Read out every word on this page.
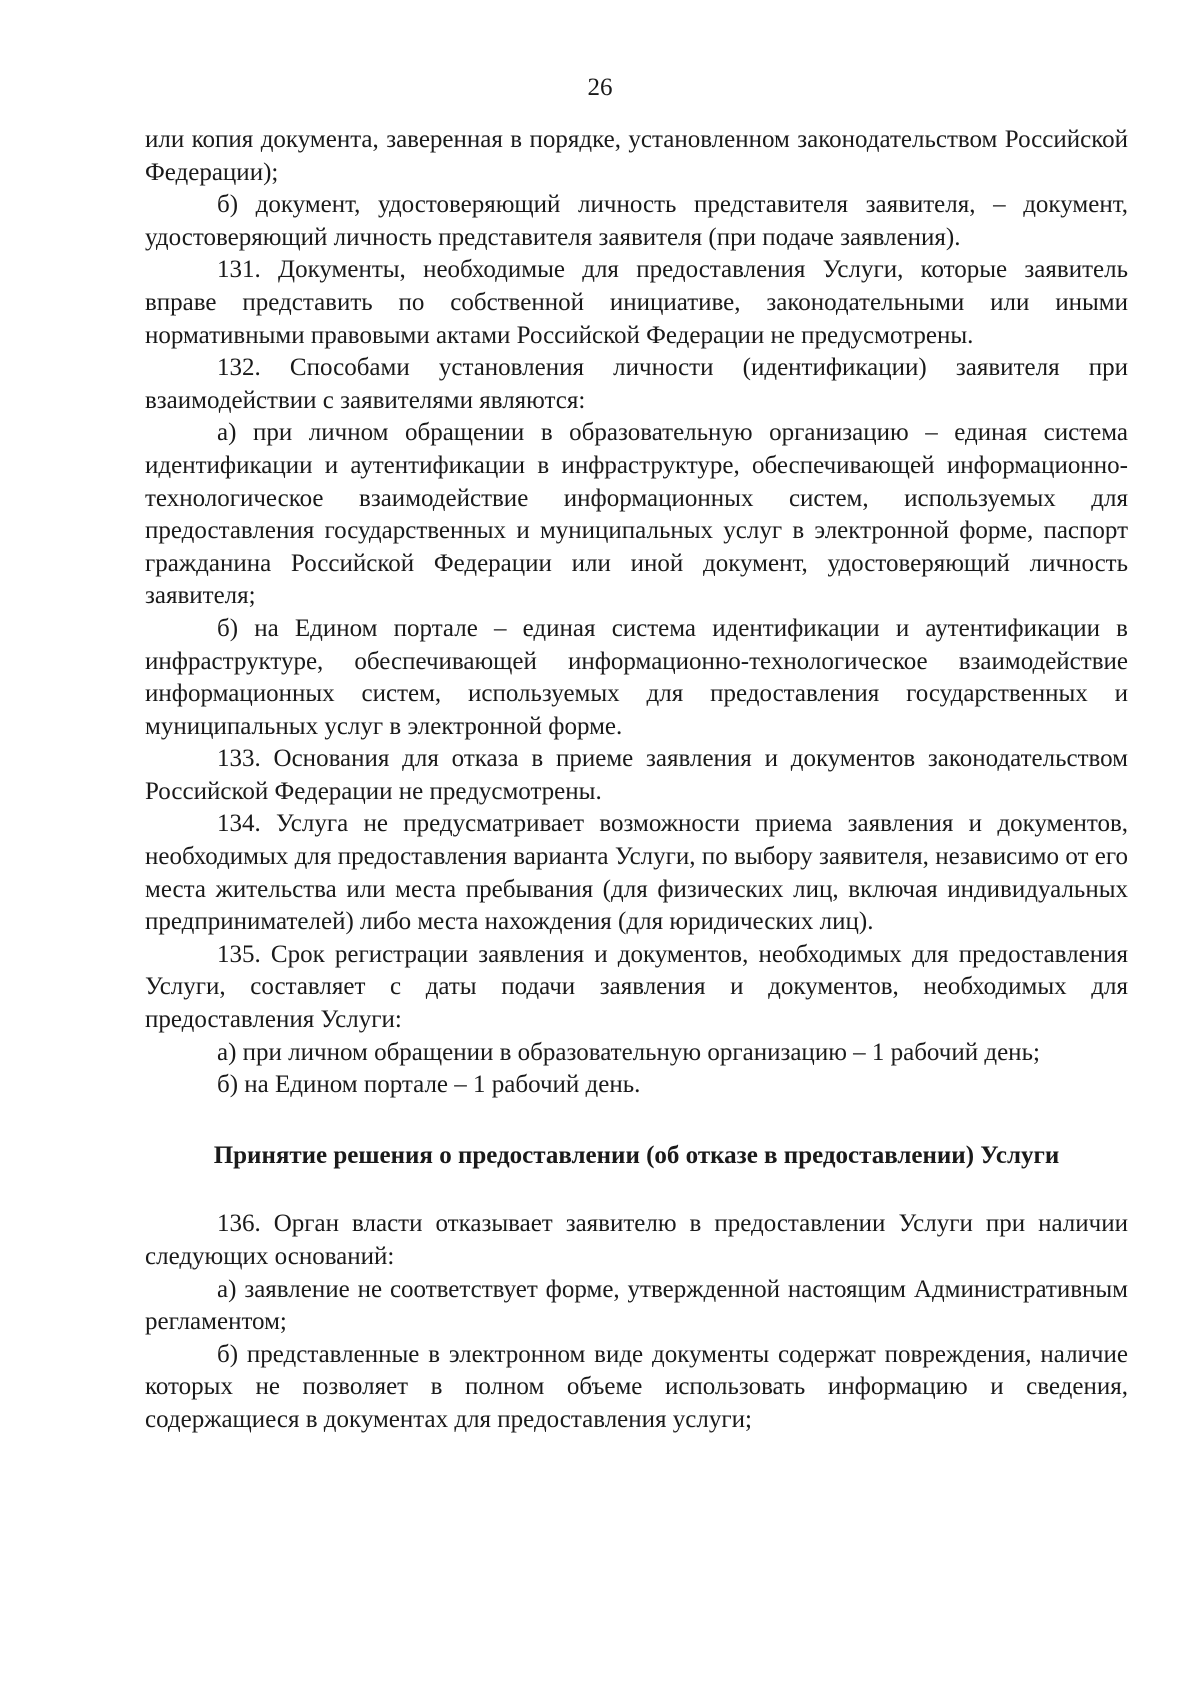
26

или копия документа, заверенная в порядке, установленном законодательством Российской Федерации);

б) документ, удостоверяющий личность представителя заявителя, – документ, удостоверяющий личность представителя заявителя (при подаче заявления).

131. Документы, необходимые для предоставления Услуги, которые заявитель вправе представить по собственной инициативе, законодательными или иными нормативными правовыми актами Российской Федерации не предусмотрены.

132. Способами установления личности (идентификации) заявителя при взаимодействии с заявителями являются:

а) при личном обращении в образовательную организацию – единая система идентификации и аутентификации в инфраструктуре, обеспечивающей информационно-технологическое взаимодействие информационных систем, используемых для предоставления государственных и муниципальных услуг в электронной форме, паспорт гражданина Российской Федерации или иной документ, удостоверяющий личность заявителя;

б) на Едином портале – единая система идентификации и аутентификации в инфраструктуре, обеспечивающей информационно-технологическое взаимодействие информационных систем, используемых для предоставления государственных и муниципальных услуг в электронной форме.

133. Основания для отказа в приеме заявления и документов законодательством Российской Федерации не предусмотрены.

134. Услуга не предусматривает возможности приема заявления и документов, необходимых для предоставления варианта Услуги, по выбору заявителя, независимо от его места жительства или места пребывания (для физических лиц, включая индивидуальных предпринимателей) либо места нахождения (для юридических лиц).

135. Срок регистрации заявления и документов, необходимых для предоставления Услуги, составляет с даты подачи заявления и документов, необходимых для предоставления Услуги:

а) при личном обращении в образовательную организацию – 1 рабочий день;

б) на Едином портале – 1 рабочий день.

Принятие решения о предоставлении (об отказе в предоставлении) Услуги

136. Орган власти отказывает заявителю в предоставлении Услуги при наличии следующих оснований:

а) заявление не соответствует форме, утвержденной настоящим Административным регламентом;

б) представленные в электронном виде документы содержат повреждения, наличие которых не позволяет в полном объеме использовать информацию и сведения, содержащиеся в документах для предоставления услуги;
